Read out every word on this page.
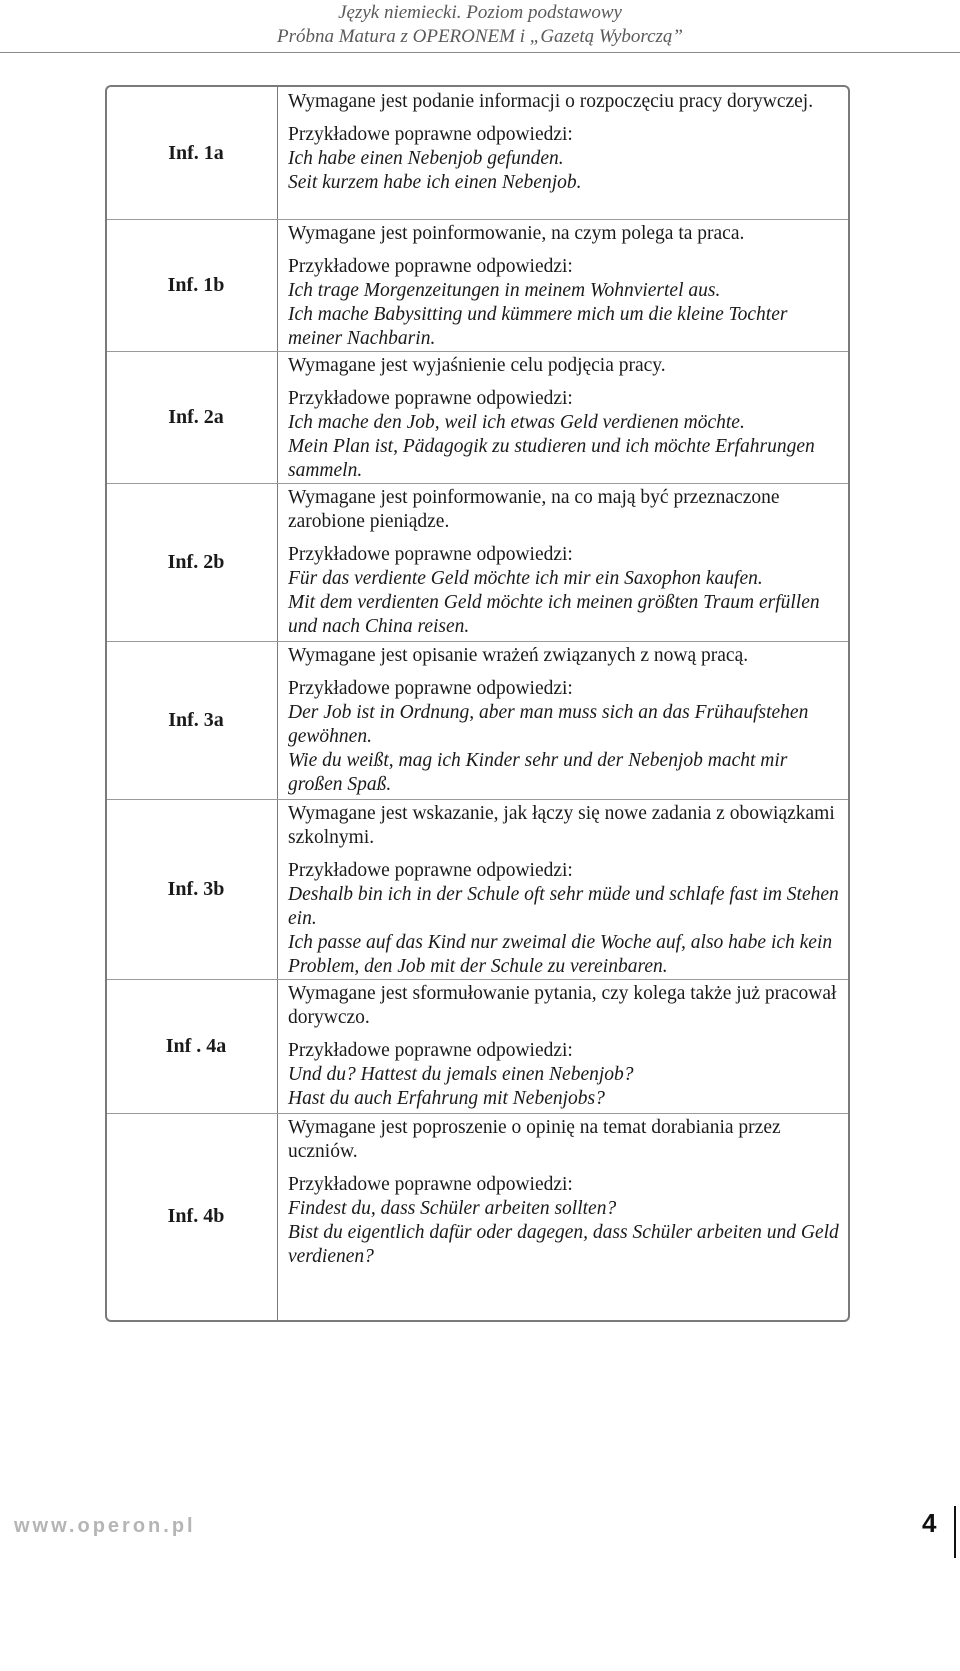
Język niemiecki. Poziom podstawowy
Próbna Matura z OPERONEM i „Gazetą Wyborczą”
Inf. 1a

Wymagane jest podanie informacji o rozpoczęciu pracy dorywczej.

Przykładowe poprawne odpowiedzi:

Ich habe einen Nebenjob gefunden.

Seit kurzem habe ich einen Nebenjob.

Inf. 1b

Wymagane jest poinformowanie, na czym polega ta praca.

Przykładowe poprawne odpowiedzi:

Ich trage Morgenzeitungen in meinem Wohnviertel aus.

Ich mache Babysitting und kümmere mich um die kleine Tochter meiner Nachbarin.

Inf. 2a

Wymagane jest wyjaśnienie celu podjęcia pracy.

Przykładowe poprawne odpowiedzi:

Ich mache den Job, weil ich etwas Geld verdienen möchte.

Mein Plan ist, Pädagogik zu studieren und ich möchte Erfahrungen sammeln.

Inf. 2b

Wymagane jest poinformowanie, na co mają być przeznaczone zarobione pieniądze.

Przykładowe poprawne odpowiedzi:

Für das verdiente Geld möchte ich mir ein Saxophon kaufen.

Mit dem verdienten Geld möchte ich meinen größten Traum erfüllen und nach China reisen.

Inf. 3a

Wymagane jest opisanie wrażeń związanych z nową pracą.

Przykładowe poprawne odpowiedzi:

Der Job ist in Ordnung, aber man muss sich an das Frühaufstehen gewöhnen.

Wie du weißt, mag ich Kinder sehr und der Nebenjob macht mir großen Spaß.

Inf. 3b

Wymagane jest wskazanie, jak łączy się nowe zadania z obowiązkami szkolnymi.

Przykładowe poprawne odpowiedzi:

Deshalb bin ich in der Schule oft sehr müde und schlafe fast im Stehen ein.

Ich passe auf das Kind nur zweimal die Woche auf, also habe ich kein Problem, den Job mit der Schule zu vereinbaren.

Inf . 4a

Wymagane jest sformułowanie pytania, czy kolega także już pracował dorywczo.

Przykładowe poprawne odpowiedzi:

Und du? Hattest du jemals einen Nebenjob?

Hast du auch Erfahrung mit Nebenjobs?

Inf. 4b

Wymagane jest poproszenie o opinię na temat dorabiania przez uczniów.

Przykładowe poprawne odpowiedzi:

Findest du, dass Schüler arbeiten sollten?

Bist du eigentlich dafür oder dagegen, dass Schüler arbeiten und Geld verdienen?

www.operon.pl	4
